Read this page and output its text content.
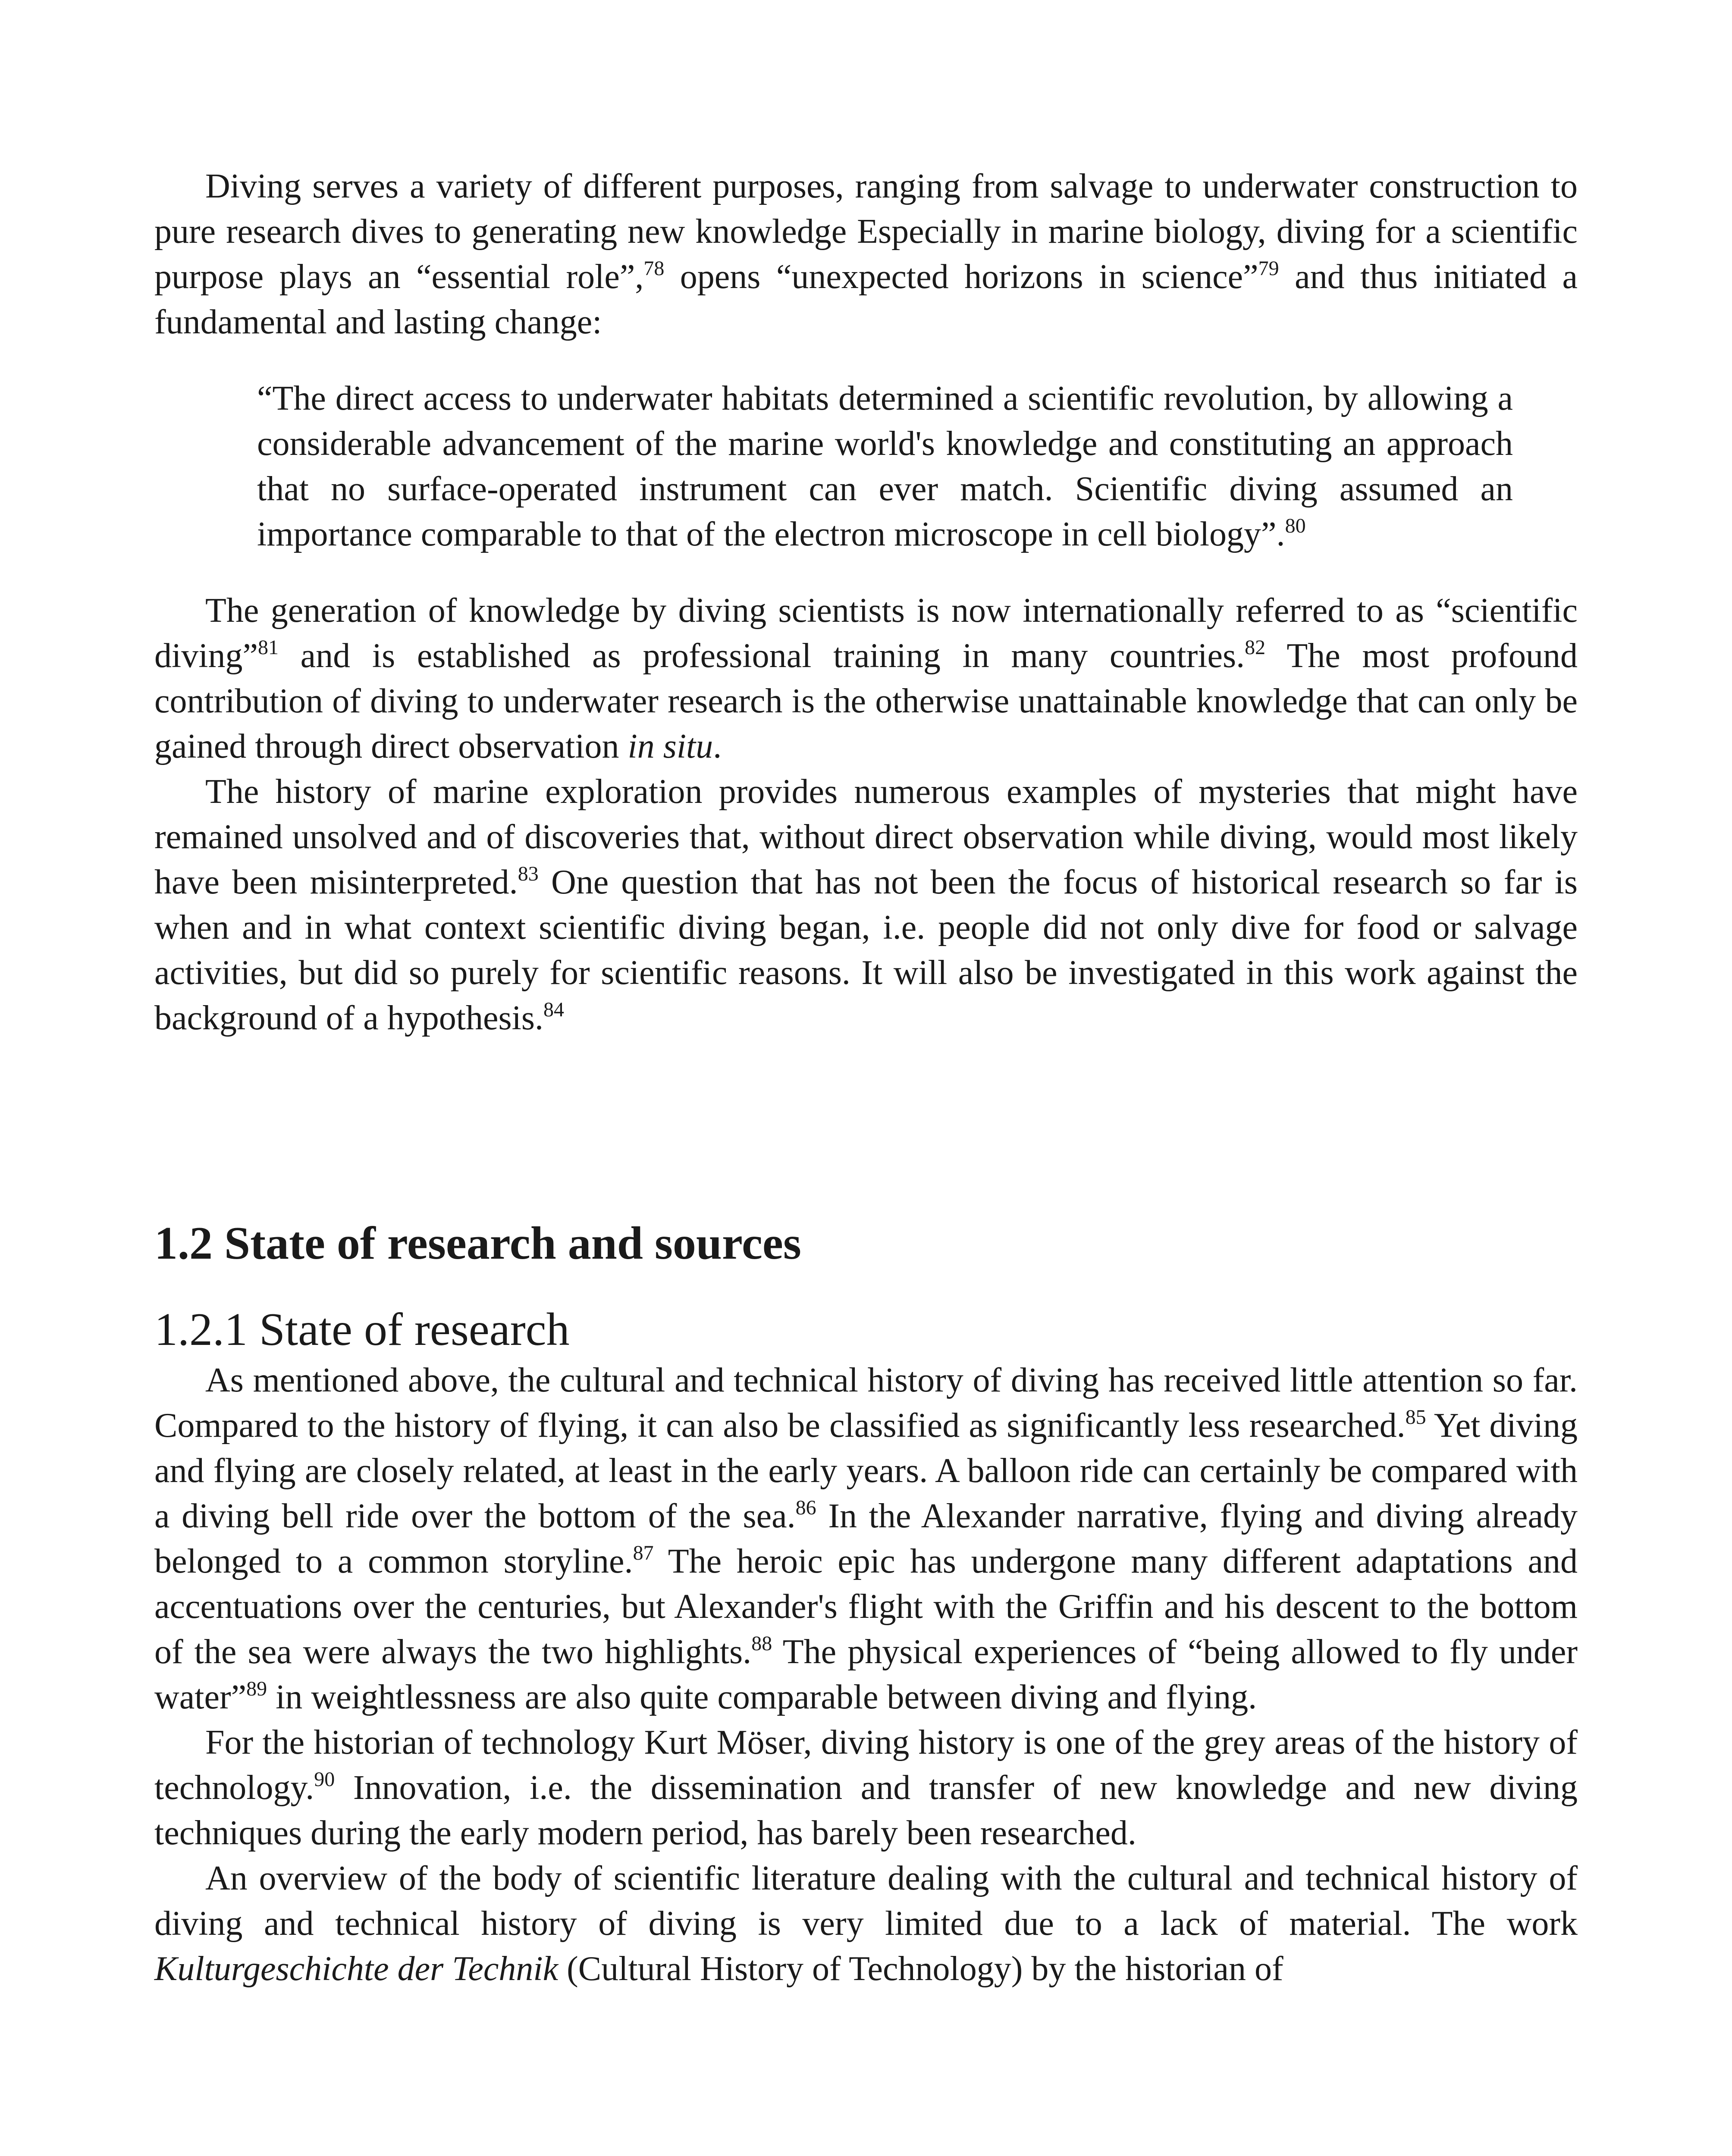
Diving serves a variety of different purposes, ranging from salvage to underwater construction to pure research dives to generating new knowledge Especially in marine biology, diving for a scientific purpose plays an “essential role”,$^{78}$ opens “unexpected horizons in science”$^{79}$ and thus initiated a fundamental and lasting change:

“The direct access to underwater habitats determined a scientific revolution, by allowing a considerable advancement of the marine world's knowledge and constituting an approach that no surface-operated instrument can ever match. Scientific diving assumed an importance comparable to that of the electron microscope in cell biology”.$^{80}$

The generation of knowledge by diving scientists is now internationally referred to as “scientific diving”$^{81}$ and is established as professional training in many countries.$^{82}$ The most profound contribution of diving to underwater research is the otherwise unattainable knowledge that can only be gained through direct observation in situ.

The history of marine exploration provides numerous examples of mysteries that might have remained unsolved and of discoveries that, without direct observation while diving, would most likely have been misinterpreted.$^{83}$ One question that has not been the focus of historical research so far is when and in what context scientific diving began, i.e. people did not only dive for food or salvage activities, but did so purely for scientific reasons. It will also be investigated in this work against the background of a hypothesis.$^{84}$

1.2 State of research and sources
1.2.1 State of research

As mentioned above, the cultural and technical history of diving has received little attention so far. Compared to the history of flying, it can also be classified as significantly less researched.$^{85}$ Yet diving and flying are closely related, at least in the early years. A balloon ride can certainly be compared with a diving bell ride over the bottom of the sea.$^{86}$ In the Alexander narrative, flying and diving already belonged to a common storyline.$^{87}$ The heroic epic has undergone many different adaptations and accentuations over the centuries, but Alexander's flight with the Griffin and his descent to the bottom of the sea were always the two highlights.$^{88}$ The physical experiences of “being allowed to fly under water”$^{89}$ in weightlessness are also quite comparable between diving and flying.

For the historian of technology Kurt Möser, diving history is one of the grey areas of the history of technology.$^{90}$ Innovation, i.e. the dissemination and transfer of new knowledge and new diving techniques during the early modern period, has barely been researched.

An overview of the body of scientific literature dealing with the cultural and technical history of diving and technical history of diving is very limited due to a lack of material. The work Kulturgeschichte der Technik (Cultural History of Technology) by the historian of
